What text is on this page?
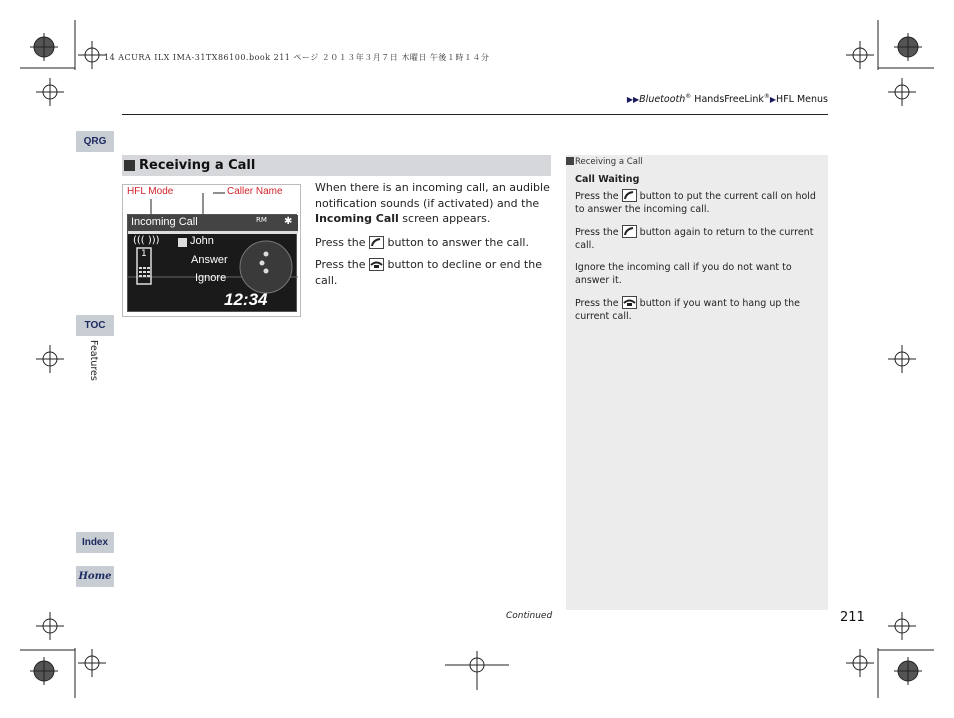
14 ACURA ILX IMA-31TX86100.book 211 ページ ２０１３年３月７日 木曜日 午後１時１４分
▶▶Bluetooth® HandsFreeLink®▶HFL Menus
QRG
TOC
Features
Index
Home
Receiving a Call
HFL Mode	Caller Name
Incoming Call	RM ✱
((( )))	John
1	Answer
Ignore
12:34

When there is an incoming call, an audible notification sounds (if activated) and the Incoming Call screen appears.

Press the  button to answer the call.

Press the  button to decline or end the call.

Receiving a Call
Call Waiting

Press the  button to put the current call on hold to answer the incoming call.

Press the  button again to return to the current call.

Ignore the incoming call if you do not want to answer it.

Press the  button if you want to hang up the current call.

Continued	211
